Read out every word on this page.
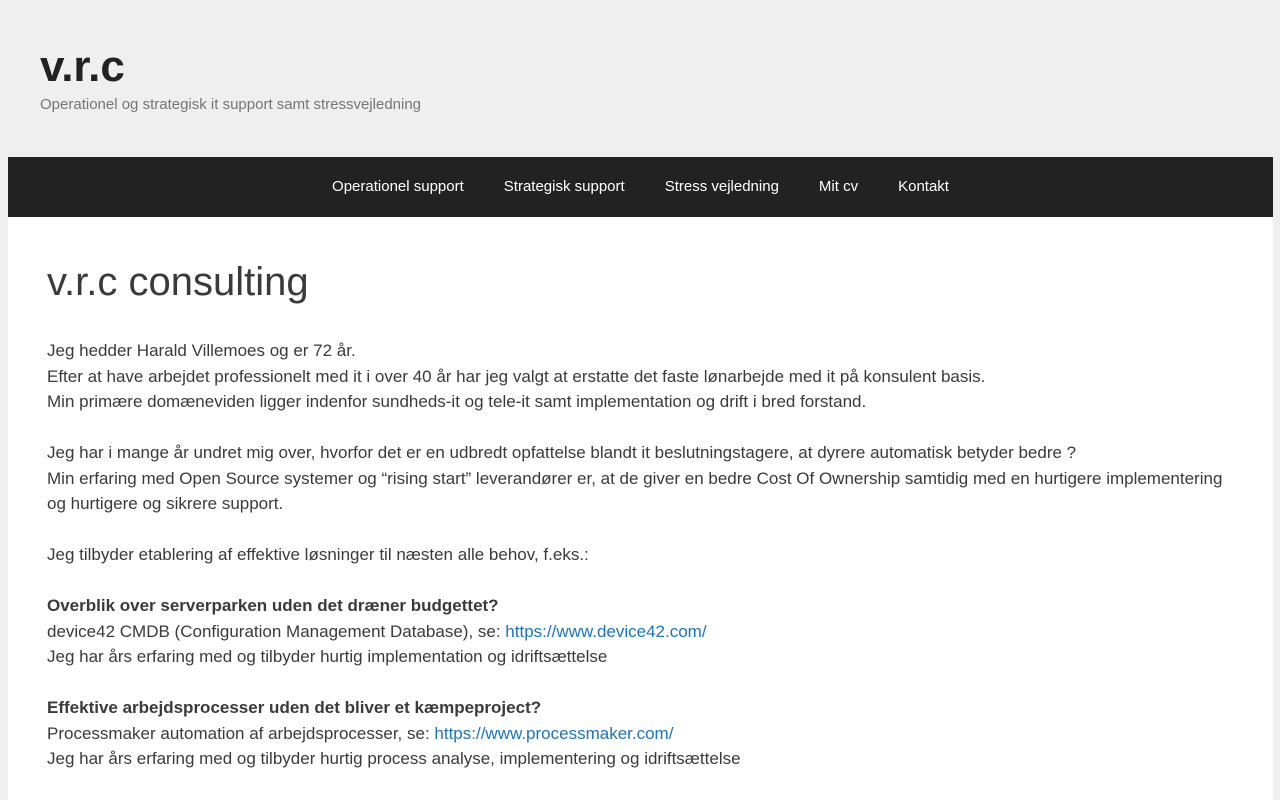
v.r.c
Operationel og strategisk it support samt stressvejledning
Operationel support	Strategisk support	Stress vejledning	Mit cv	Kontakt
v.r.c consulting

Jeg hedder Harald Villemoes og er 72 år.
Efter at have arbejdet professionelt med it i over 40 år har jeg valgt at erstatte det faste lønarbejde med it på konsulent basis.
Min primære domæneviden ligger indenfor sundheds-it og tele-it samt implementation og drift i bred forstand.

Jeg har i mange år undret mig over, hvorfor det er en udbredt opfattelse blandt it beslutningstagere, at dyrere automatisk betyder bedre ?
Min erfaring med Open Source systemer og “rising start” leverandører er, at de giver en bedre Cost Of Ownership samtidig med en hurtigere implementering og hurtigere og sikrere support.

Jeg tilbyder etablering af effektive løsninger til næsten alle behov, f.eks.:

Overblik over serverparken uden det dræner budgettet?
device42 CMDB (Configuration Management Database), se: https://www.device42.com/
Jeg har års erfaring med og tilbyder hurtig implementation og idriftsættelse

Effektive arbejdsprocesser uden det bliver et kæmpeproject?
Processmaker automation af arbejdsprocesser, se: https://www.processmaker.com/
Jeg har års erfaring med og tilbyder hurtig process analyse, implementering og idriftsættelse
